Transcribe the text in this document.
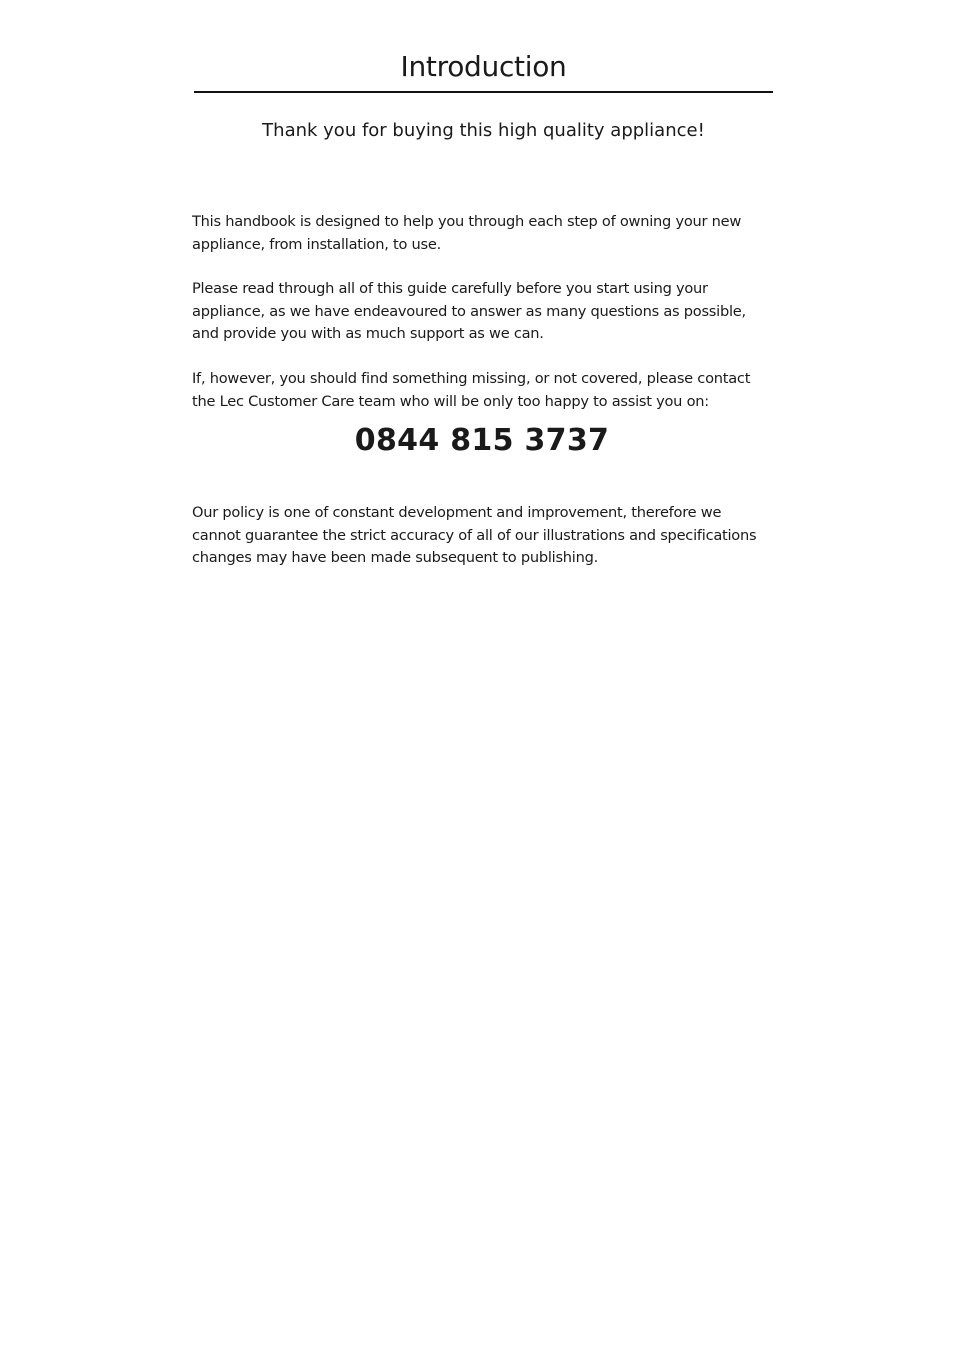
Introduction

Thank you for buying this high quality appliance!

This handbook is designed to help you through each step of owning your new appliance, from installation, to use.

Please read through all of this guide carefully before you start using your appliance, as we have endeavoured to answer as many questions as possible, and provide you with as much support as we can.

If, however, you should find something missing, or not covered, please contact the Lec Customer Care team who will be only too happy to assist you on:

0844 815 3737

Our policy is one of constant development and improvement, therefore we cannot guarantee the strict accuracy of all of our illustrations and specifications changes may have been made subsequent to publishing.
